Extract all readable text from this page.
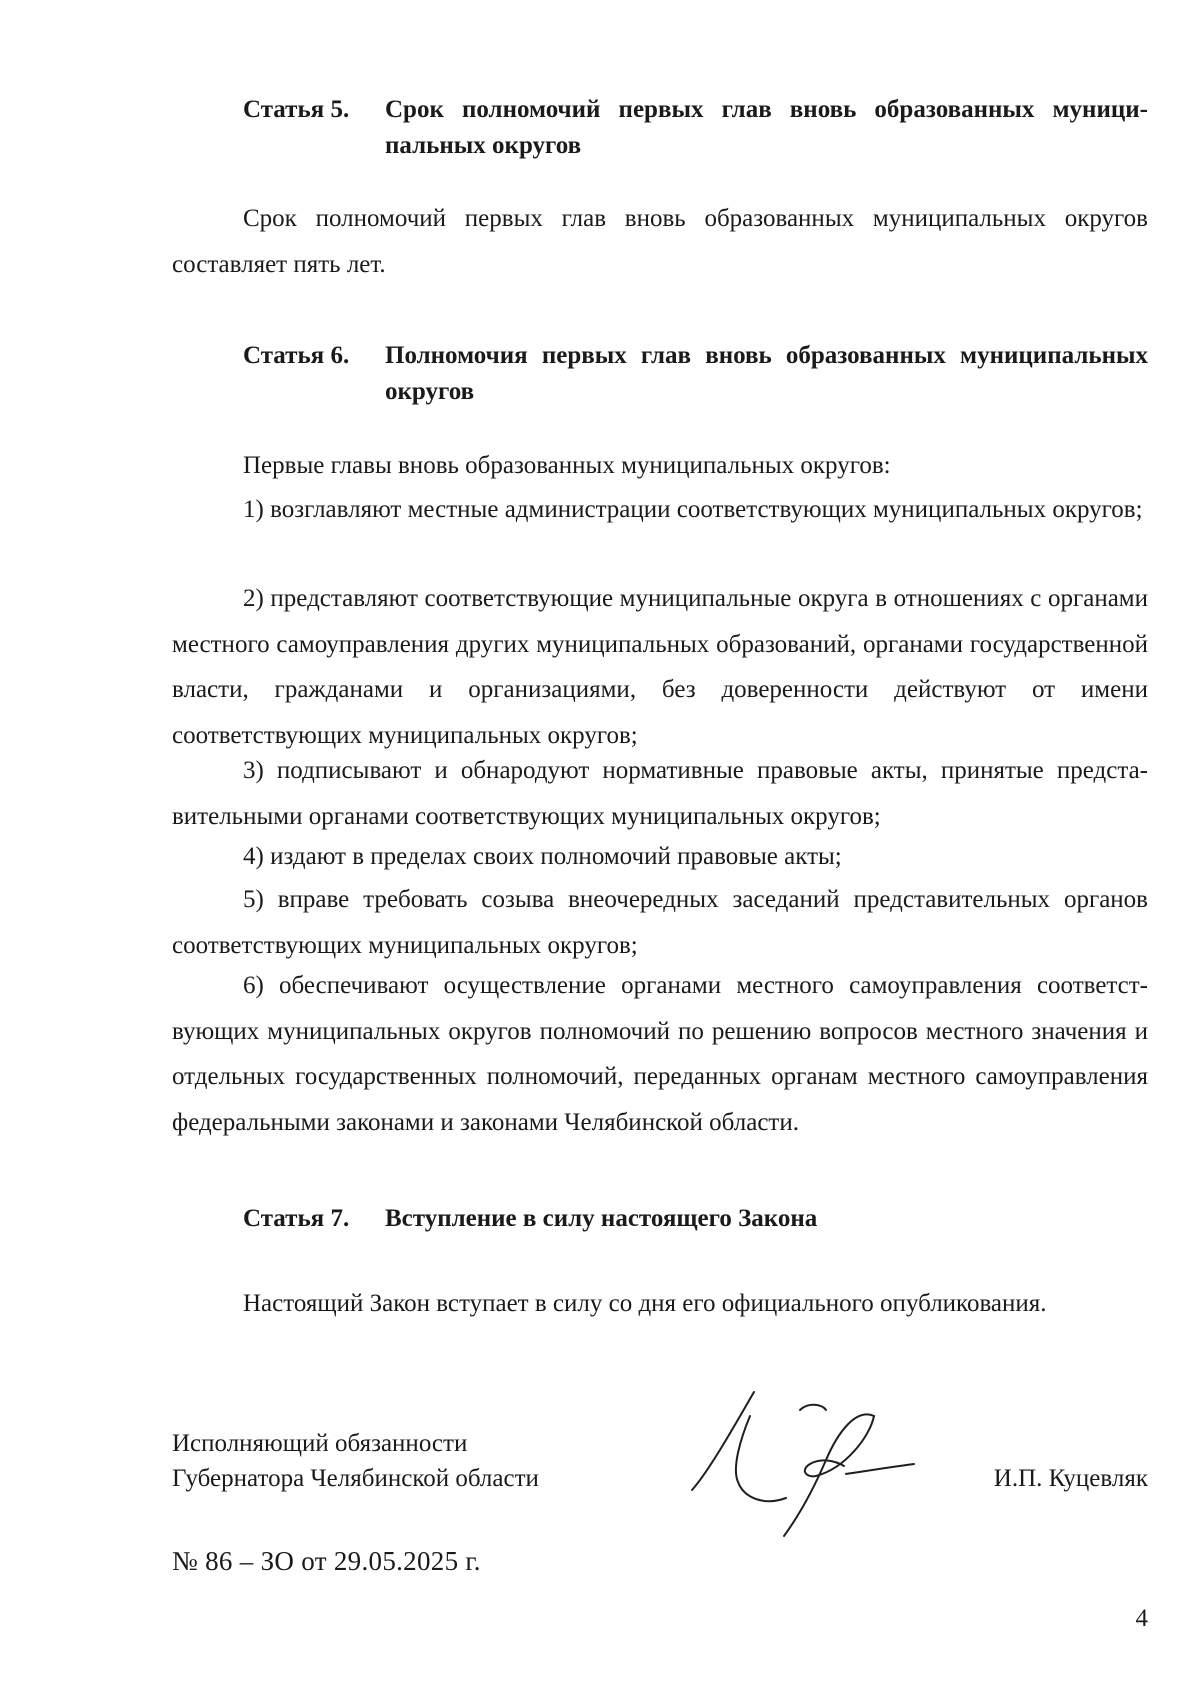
Статья 5.	Срок полномочий первых глав вновь образованных муниципальных округов

Срок полномочий первых глав вновь образованных муниципальных округов составляет пять лет.

Статья 6.	Полномочия первых глав вновь образованных муниципальных округов

Первые главы вновь образованных муниципальных округов:

1) возглавляют местные администрации соответствующих муниципальных округов;

2) представляют соответствующие муниципальные округа в отношениях с органами местного самоуправления других муниципальных образований, органами государственной власти, гражданами и организациями, без доверенности действуют от имени соответствующих муниципальных округов;

3) подписывают и обнародуют нормативные правовые акты, принятые представительными органами соответствующих муниципальных округов;

4) издают в пределах своих полномочий правовые акты;

5) вправе требовать созыва внеочередных заседаний представительных органов соответствующих муниципальных округов;

6) обеспечивают осуществление органами местного самоуправления соответствующих муниципальных округов полномочий по решению вопросов местного значения и отдельных государственных полномочий, переданных органам местного самоуправления федеральными законами и законами Челябинской области.

Статья 7.	Вступление в силу настоящего Закона

Настоящий Закон вступает в силу со дня его официального опубликования.

Исполняющий обязанности
Губернатора Челябинской области	И.П. Куцевляк
№ 86 – ЗО от 29.05.2025 г.
4
